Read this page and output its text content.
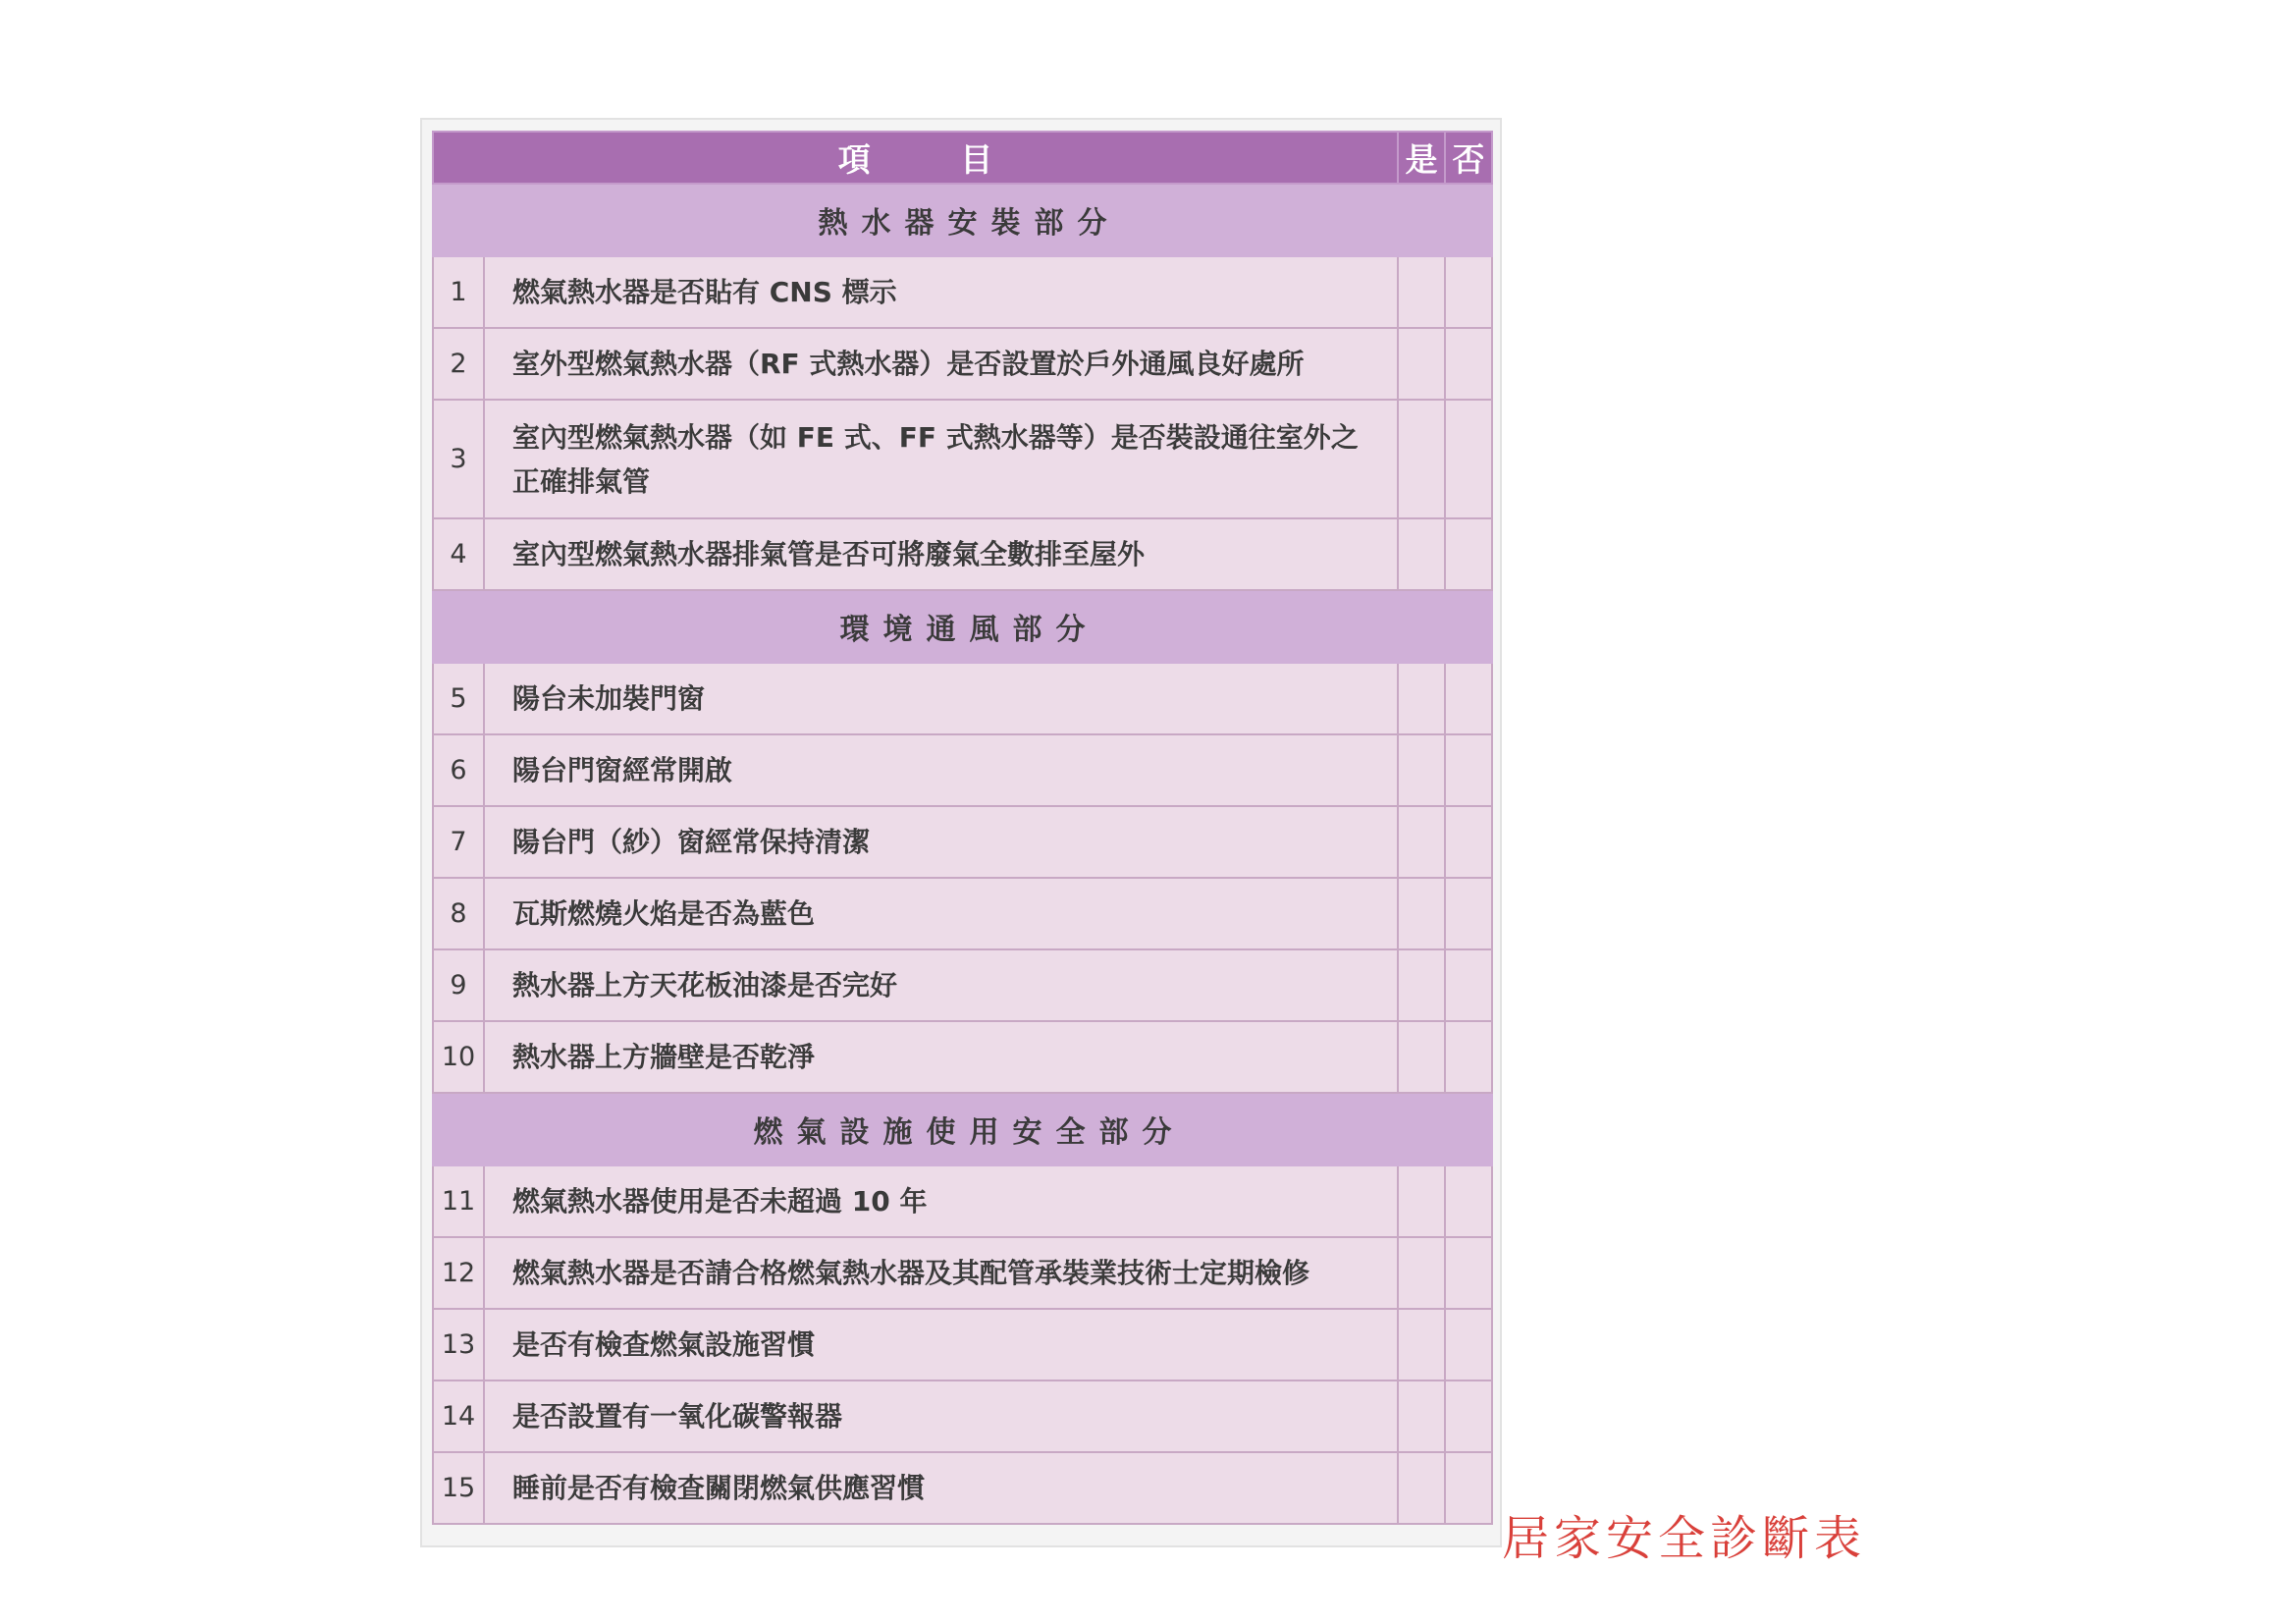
項 目		是	否
熱水器安裝部分			
1	燃氣熱水器是否貼有 CNS 標示		
2	室外型燃氣熱水器（RF 式熱水器）是否設置於戶外通風良好處所		
3	室內型燃氣熱水器（如 FE 式、FF 式熱水器等）是否裝設通往室外之正確排氣管		
4	室內型燃氣熱水器排氣管是否可將廢氣全數排至屋外		
環境通風部分			
5	陽台未加裝門窗		
6	陽台門窗經常開啟		
7	陽台門（紗）窗經常保持清潔		
8	瓦斯燃燒火焰是否為藍色		
9	熱水器上方天花板油漆是否完好		
10	熱水器上方牆壁是否乾淨		
燃氣設施使用安全部分			
11	燃氣熱水器使用是否未超過 10 年		
12	燃氣熱水器是否請合格燃氣熱水器及其配管承裝業技術士定期檢修		
13	是否有檢查燃氣設施習慣		
14	是否設置有一氧化碳警報器		
15	睡前是否有檢查關閉燃氣供應習慣		
居家安全診斷表
